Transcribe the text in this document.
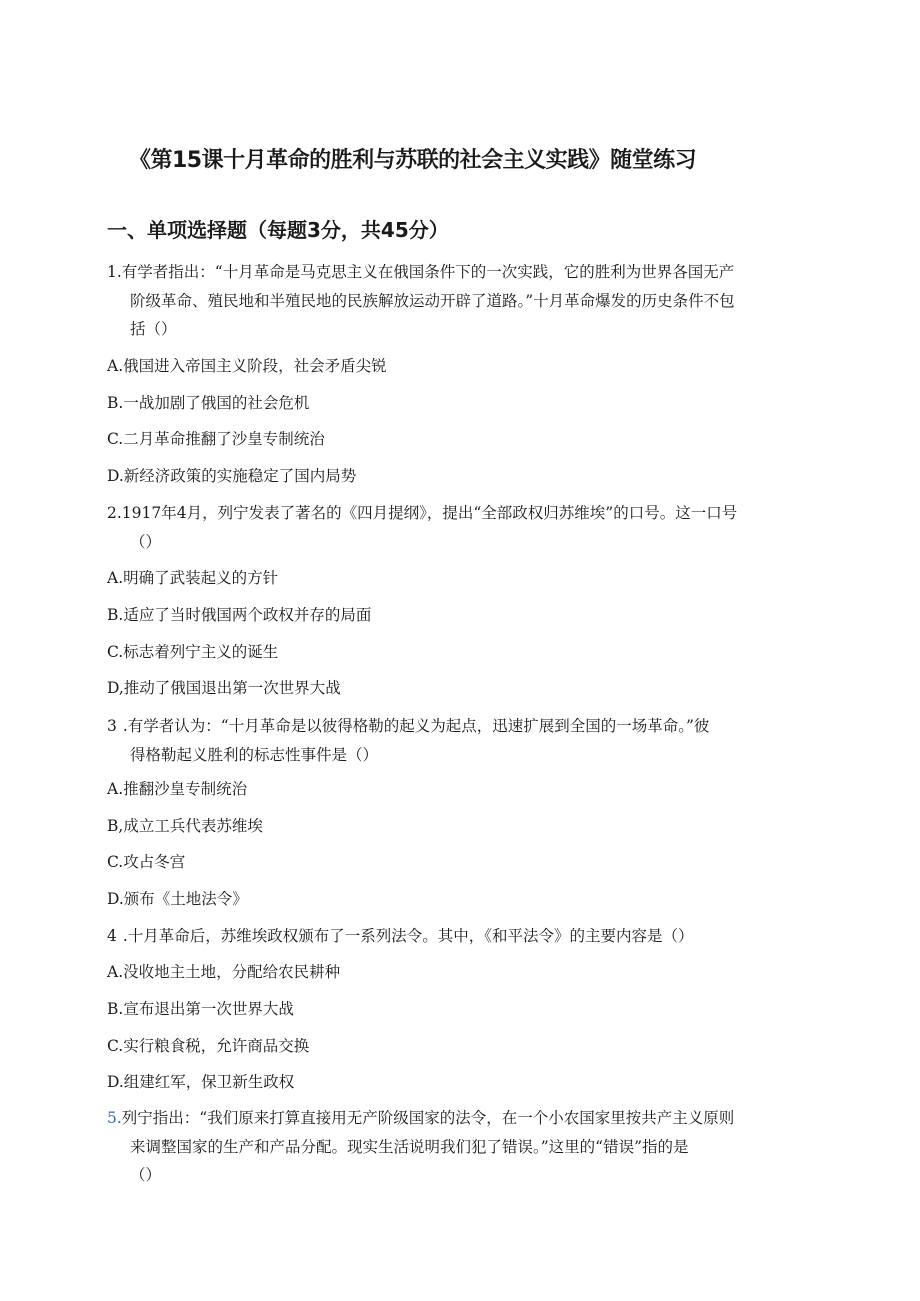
《第15课十月革命的胜利与苏联的社会主义实践》随堂练习
一、单项选择题（每题3分，共45分）
1.有学者指出：“十月革命是马克思主义在俄国条件下的一次实践，它的胜利为世界各国无产
阶级革命、殖民地和半殖民地的民族解放运动开辟了道路。”十月革命爆发的历史条件不包
括（）
A.俄国进入帝国主义阶段，社会矛盾尖锐
B.一战加剧了俄国的社会危机
C.二月革命推翻了沙皇专制统治
D.新经济政策的实施稳定了国内局势
2.1917年4月，列宁发表了著名的《四月提纲》，提出“全部政权归苏维埃”的口号。这一口号
（）
A.明确了武装起义的方针
B.适应了当时俄国两个政权并存的局面
C.标志着列宁主义的诞生
D,推动了俄国退出第一次世界大战
3 .有学者认为：“十月革命是以彼得格勒的起义为起点，迅速扩展到全国的一场革命。”彼
得格勒起义胜利的标志性事件是（）
A.推翻沙皇专制统治
B,成立工兵代表苏维埃
C.攻占冬宫
D.颁布《土地法令》
4 .十月革命后，苏维埃政权颁布了一系列法令。其中，《和平法令》的主要内容是（）
A.没收地主土地，分配给农民耕种
B.宣布退出第一次世界大战
C.实行粮食税，允许商品交换
D.组建红军，保卫新生政权
5.列宁指出：“我们原来打算直接用无产阶级国家的法令，在一个小农国家里按共产主义原则
来调整国家的生产和产品分配。现实生活说明我们犯了错误。”这里的“错误”指的是
（）
